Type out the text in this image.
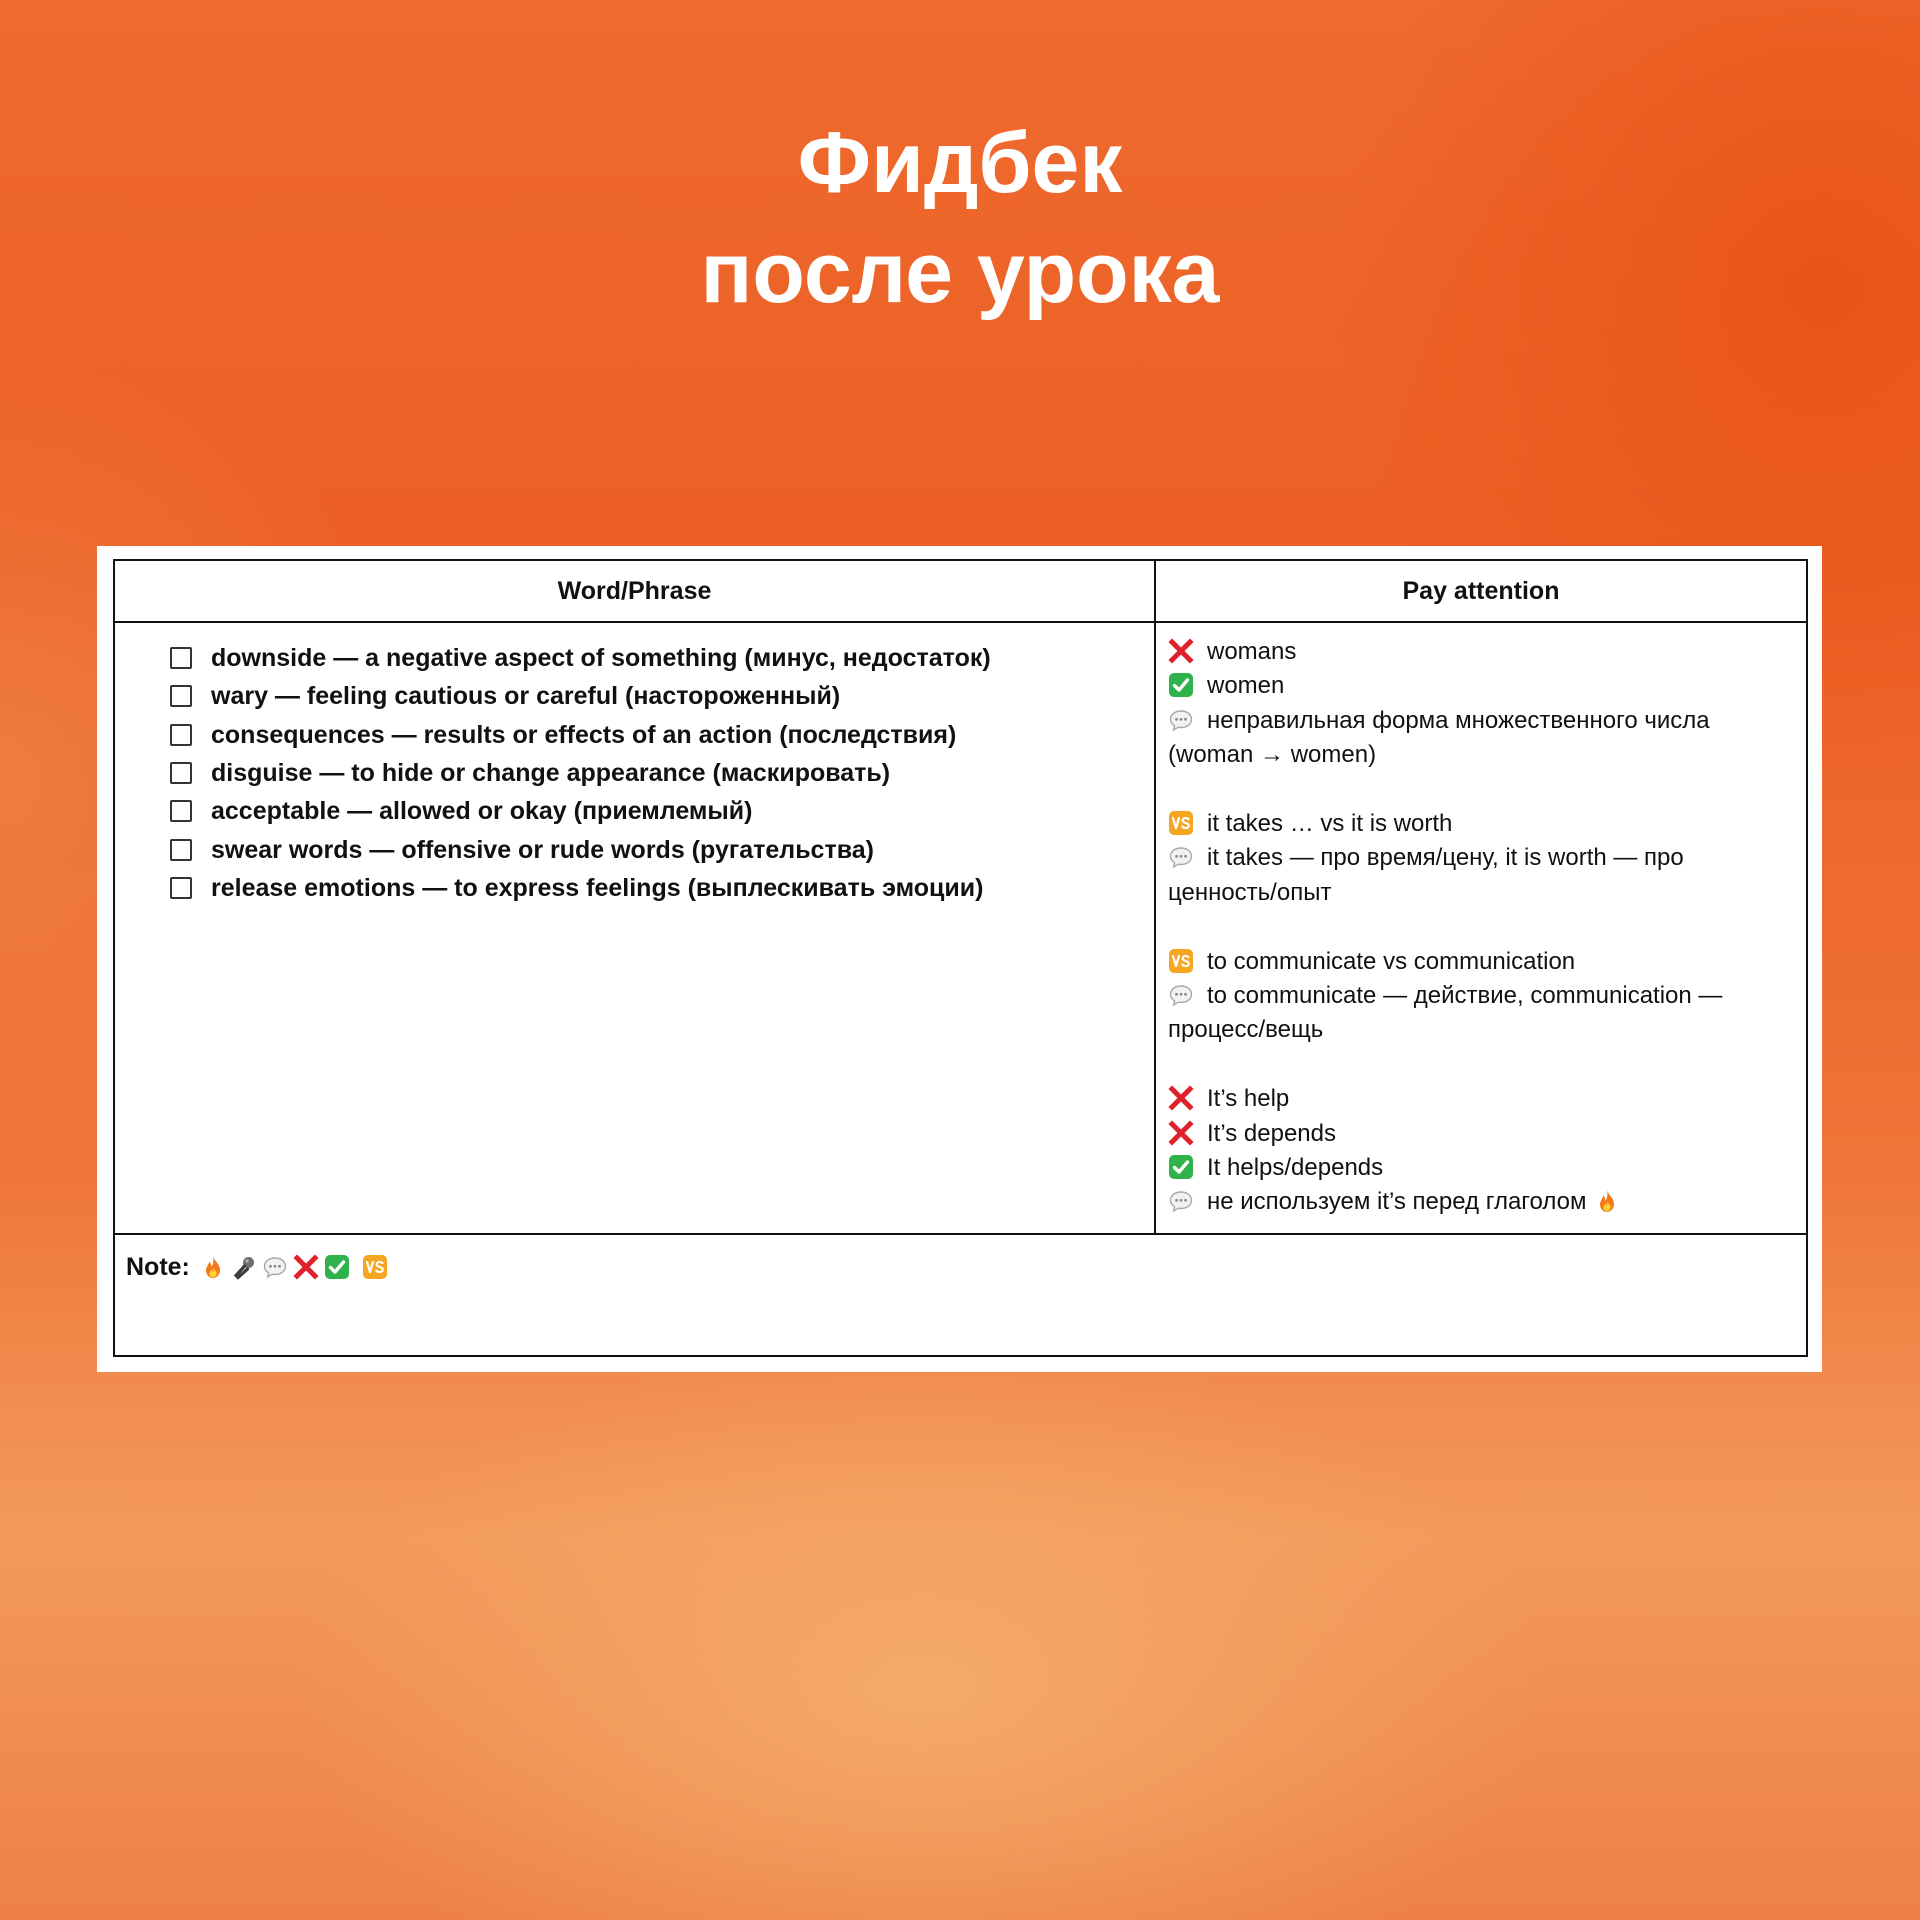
Фидбек
после урока
Word/Phrase	Pay attention
downside — a negative aspect of something (минус, недостаток)
wary — feeling cautious or careful (настороженный)
consequences — results or effects of an action (последствия)
disguise — to hide or change appearance (маскировать)
acceptable — allowed or okay (приемлемый)
swear words — offensive or rude words (ругательства)
release emotions — to express feelings (выплескивать эмоции)
womans
women
неправильная форма множественного числа (woman → women)
it takes … vs it is worth
it takes — про время/цену, it is worth — про ценность/опыт
to communicate vs communication
to communicate — действие, communication — процесс/вещь
It’s help
It’s depends
It helps/depends
не используем it’s перед глаголом
Note:
